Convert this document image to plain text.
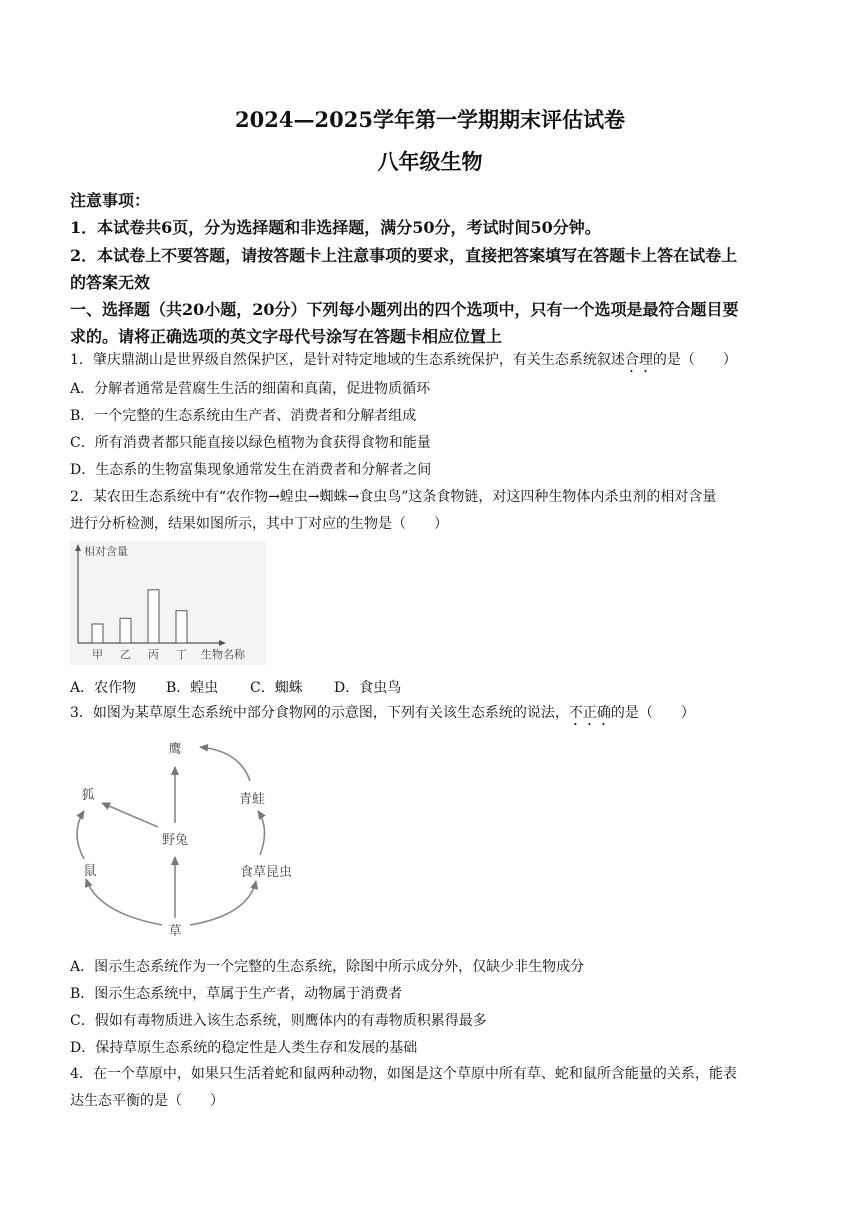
2024—2025学年第一学期期末评估试卷
八年级生物
注意事项：
1．本试卷共6页，分为选择题和非选择题，满分50分，考试时间50分钟。
2．本试卷上不要答题，请按答题卡上注意事项的要求，直接把答案填写在答题卡上答在试卷上
的答案无效
一、选择题（共20小题，20分）下列每小题列出的四个选项中，只有一个选项是最符合题目要
求的。请将正确选项的英文字母代号涂写在答题卡相应位置上
1．肇庆鼎湖山是世界级自然保护区，是针对特定地域的生态系统保护，有关生态系统叙述合理的是（　　）
A．分解者通常是营腐生生活的细菌和真菌，促进物质循环
B．一个完整的生态系统由生产者、消费者和分解者组成
C．所有消费者都只能直接以绿色植物为食获得食物和能量
D．生态系的生物富集现象通常发生在消费者和分解者之间
2．某农田生态系统中有“农作物→蝗虫→蜘蛛→食虫鸟”这条食物链，对这四种生物体内杀虫剂的相对含量
进行分析检测，结果如图所示，其中丁对应的生物是（　　）
相对含量
生物名称
甲 乙 丙 丁
A．农作物 B．蝗虫 C．蜘蛛 D．食虫鸟
3．如图为某草原生态系统中部分食物网的示意图，下列有关该生态系统的说法，不正确的是（　　）
鹰
狐	青蛙
野兔
鼠	食草昆虫
草
A．图示生态系统作为一个完整的生态系统，除图中所示成分外，仅缺少非生物成分
B．图示生态系统中，草属于生产者，动物属于消费者
C．假如有毒物质进入该生态系统，则鹰体内的有毒物质积累得最多
D．保持草原生态系统的稳定性是人类生存和发展的基础
4．在一个草原中，如果只生活着蛇和鼠两种动物，如图是这个草原中所有草、蛇和鼠所含能量的关系，能表
达生态平衡的是（　　）
